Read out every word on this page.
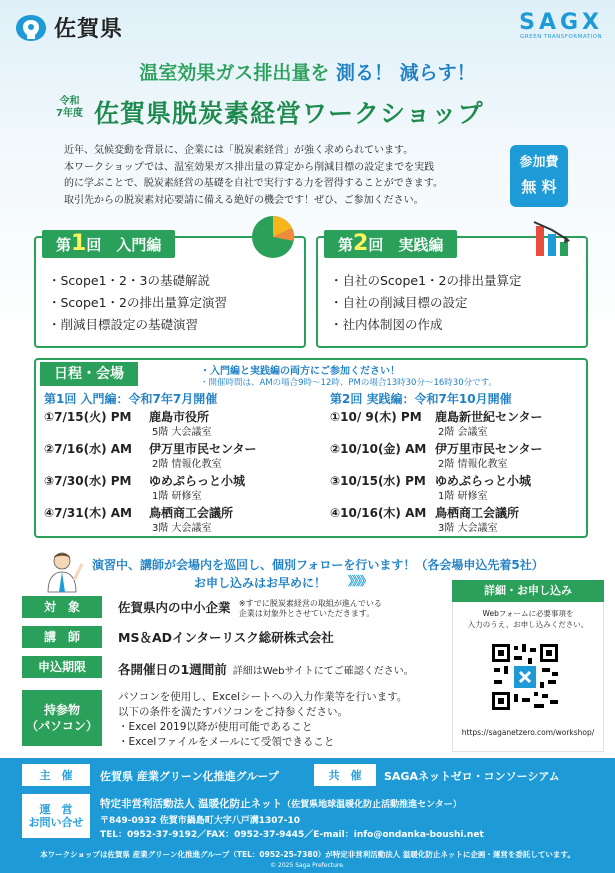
佐賀県	SAGX
GREEN TRANSFORMATION
温室効果ガス排出量を 測る！ 減らす！
令和
7年度 佐賀県脱炭素経営ワークショップ
近年、気候変動を背景に、企業には「脱炭素経営」が強く求められています。
本ワークショップでは、温室効果ガス排出量の算定から削減目標の設定までを実践
的に学ぶことで、脱炭素経営の基礎を自社で実行する力を習得することができます。
取引先からの脱炭素対応要請に備える絶好の機会です！ぜひ、ご参加ください。
参加費
無 料
第1回　入門編
・Scope1・2・3の基礎解説
・Scope1・2の排出量算定演習
・削減目標設定の基礎演習
第2回　実践編
・自社のScope1・2の排出量算定
・自社の削減目標の設定
・社内体制図の作成
日程・会場	・入門編と実践編の両方にご参加ください！
・開催時間は、AMの場合9時〜12時、PMの場合13時30分〜16時30分です。
第1回 入門編：令和7年7月開催	第2回 実践編：令和7年10月開催
①7/15(火) PM 鹿島市役所
5階 大会議室
②7/16(水) AM 伊万里市民センター
2階 情報化教室
③7/30(水) PM ゆめぷらっと小城
1階 研修室
④7/31(木) AM 鳥栖商工会議所
3階 大会議室
①10/ 9(木) PM 鹿島新世紀センター
2階 会議室
②10/10(金) AM 伊万里市民センター
2階 情報化教室
③10/15(水) PM ゆめぷらっと小城
1階 研修室
④10/16(木) AM 鳥栖商工会議所
3階 大会議室
演習中、講師が会場内を巡回し、個別フォローを行います！（各会場申込先着5社）
お申し込みはお早めに！ 》》》》
対　象	佐賀県内の中小企業 ※すでに脱炭素経営の取組が進んでいる
企業は対象外とさせていただきます。
講　師	MS＆ADインターリスク総研株式会社
申込期限	各開催日の1週間前 詳細はWebサイトにてご確認ください。
持参物
（パソコン）
パソコンを使用し、Excelシートへの入力作業等を行います。
以下の条件を満たすパソコンをご持参ください。
・Excel 2019以降が使用可能であること
・Excelファイルをメールにて受領できること
詳細・お申し込み
Webフォームに必要事項を
入力のうえ、お申し込みください。
https://saganetzero.com/workshop/
主　催	佐賀県 産業グリーン化推進グループ	共　催	SAGAネットゼロ・コンソーシアム
運　営
お問い合せ
特定非営利活動法人 温暖化防止ネット（佐賀県地球温暖化防止活動推進センター）
〒849-0932 佐賀市鍋島町大字八戸溝1307-10
TEL：0952-37-9192／FAX：0952-37-9445／E-mail：info@ondanka-boushi.net
本ワークショップは佐賀県 産業グリーン化推進グループ（TEL：0952-25-7380）が特定非営利活動法人 温暖化防止ネットに企画・運営を委託しています。
© 2025 Saga Prefecture.
